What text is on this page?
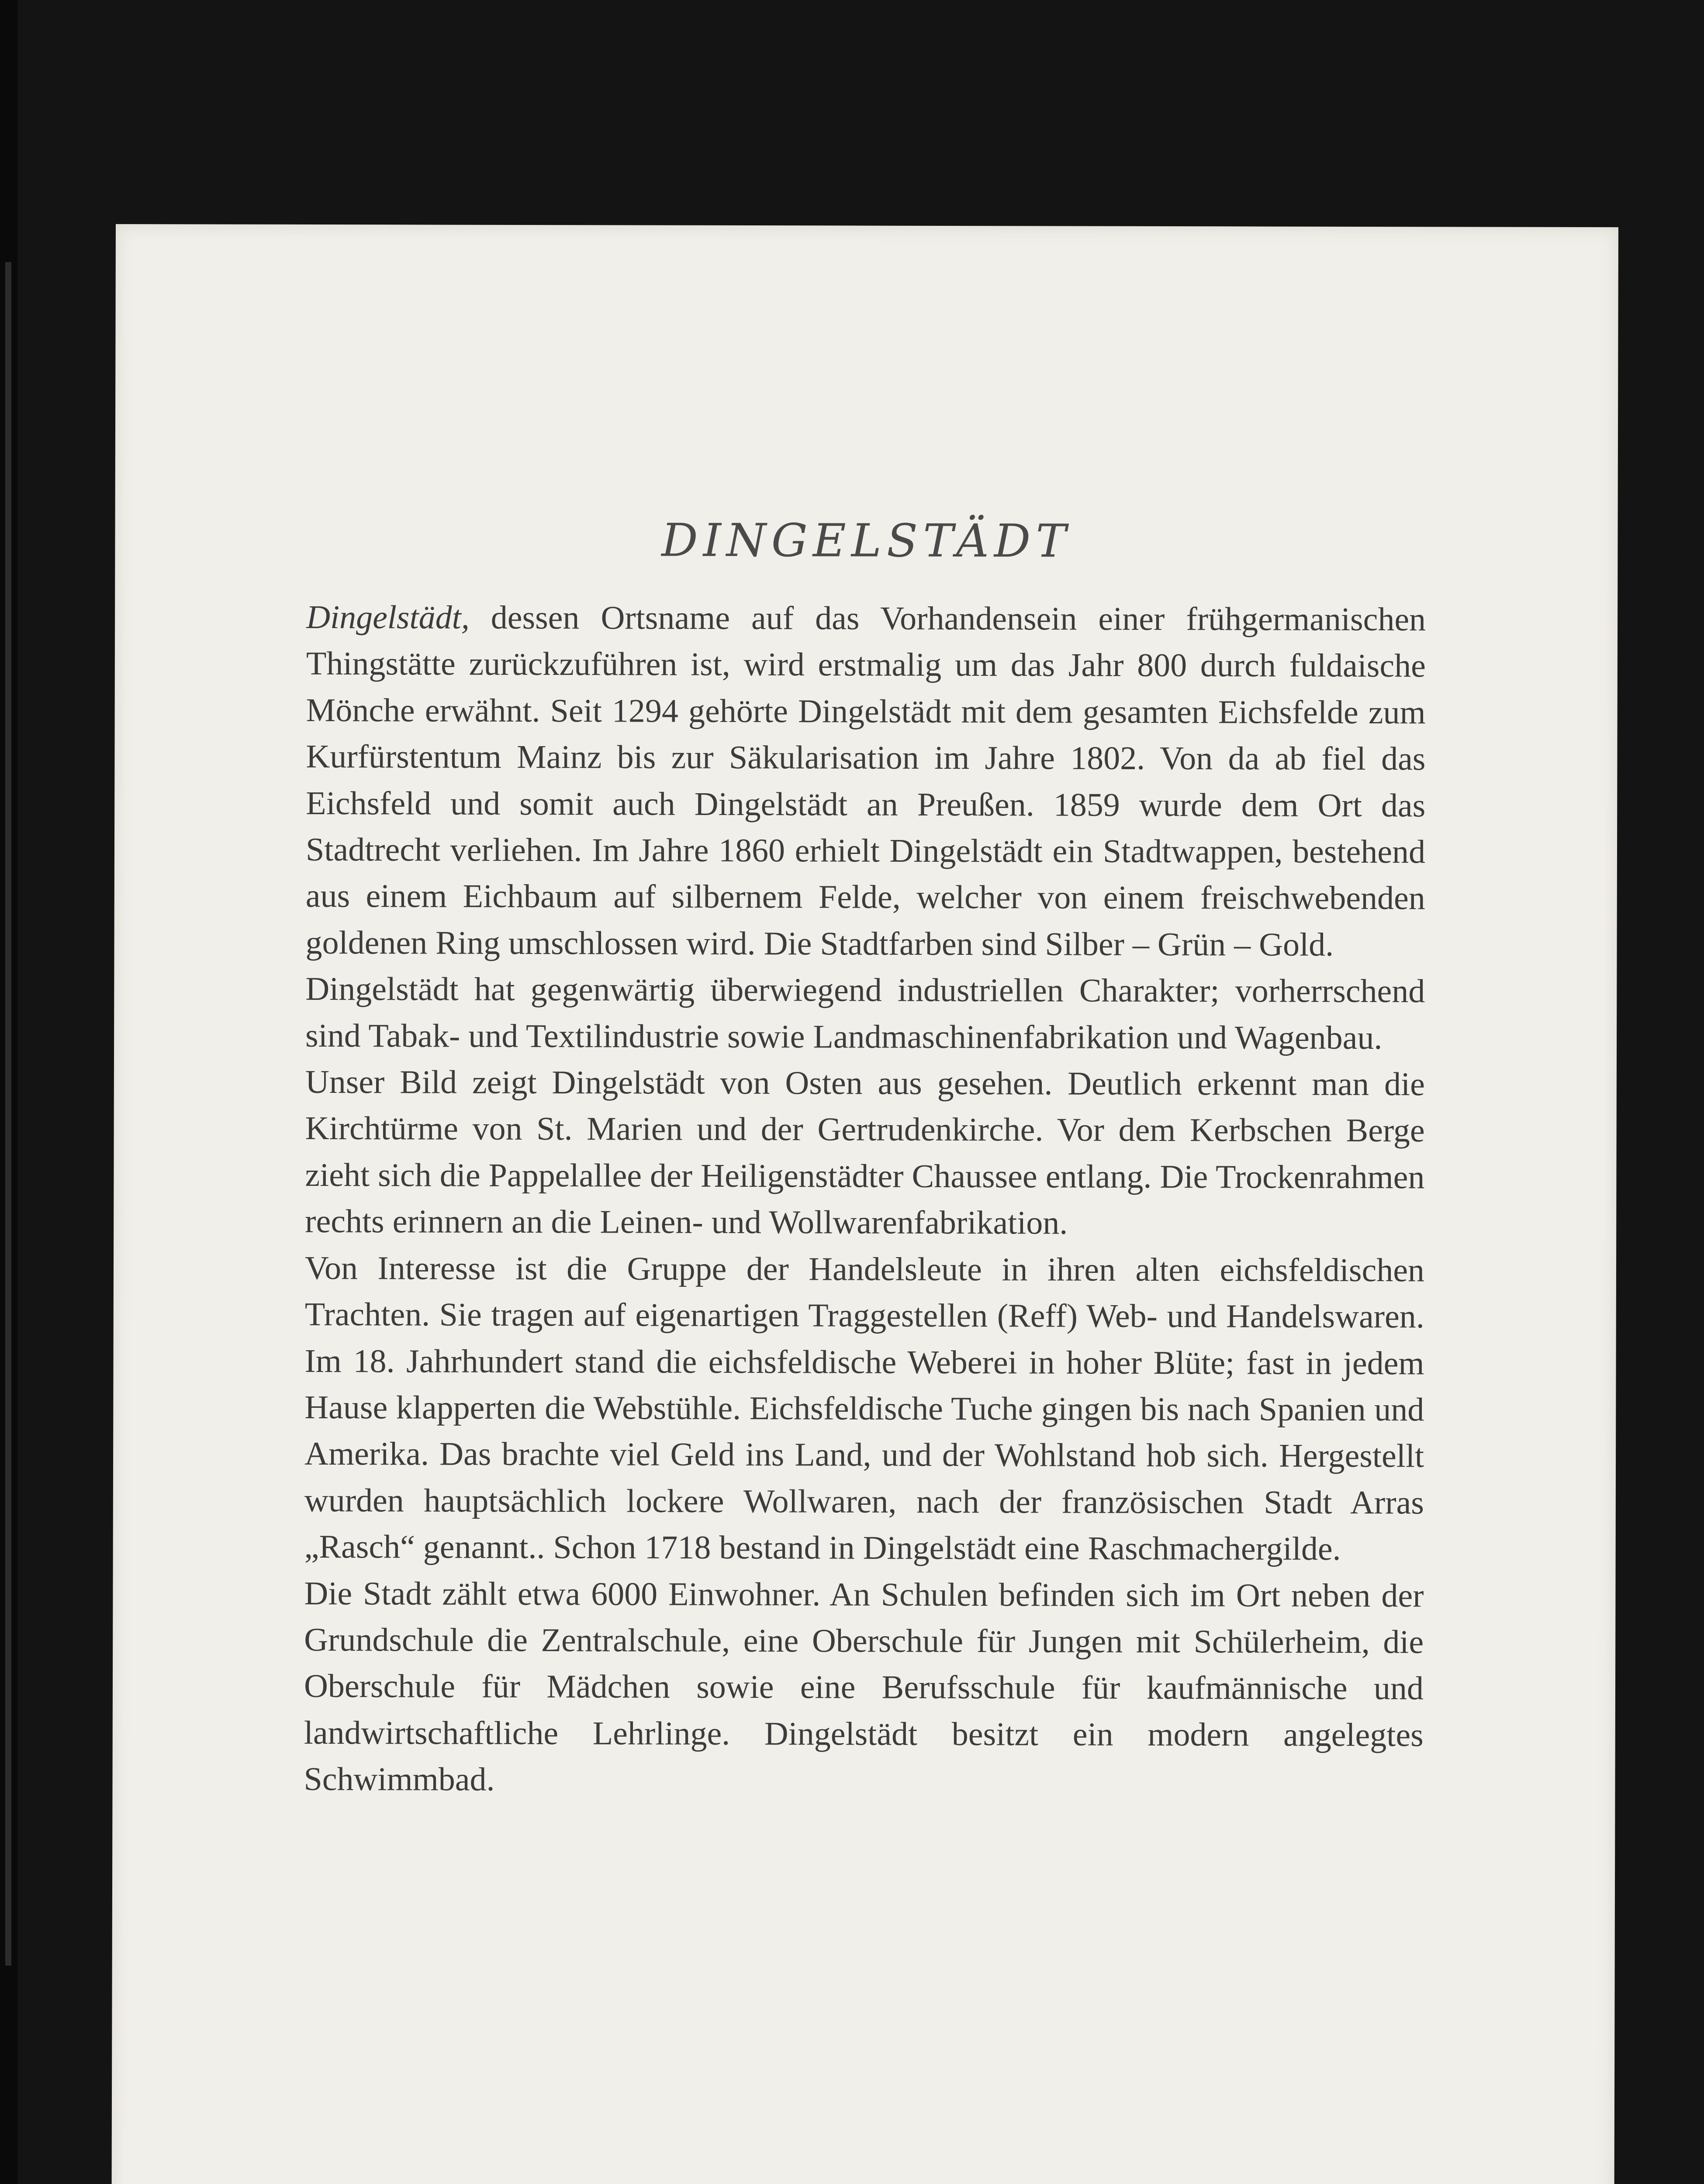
DINGELSTÄDT

Dingelstädt, dessen Ortsname auf das Vorhandensein einer frühgermanischen Thingstätte zurückzuführen ist, wird erstmalig um das Jahr 800 durch fuldaische Mönche erwähnt. Seit 1294 gehörte Dingelstädt mit dem gesamten Eichsfelde zum Kurfürstentum Mainz bis zur Säkularisation im Jahre 1802. Von da ab fiel das Eichsfeld und somit auch Dingelstädt an Preußen. 1859 wurde dem Ort das Stadtrecht verliehen. Im Jahre 1860 erhielt Dingelstädt ein Stadtwappen, bestehend aus einem Eichbaum auf silbernem Felde, welcher von einem freischwebenden goldenen Ring umschlossen wird. Die Stadtfarben sind Silber – Grün – Gold.

Dingelstädt hat gegenwärtig überwiegend industriellen Charakter; vorherrschend sind Tabak- und Textilindustrie sowie Landmaschinenfabrikation und Wagenbau.

Unser Bild zeigt Dingelstädt von Osten aus gesehen. Deutlich erkennt man die Kirchtürme von St. Marien und der Gertrudenkirche. Vor dem Kerbschen Berge zieht sich die Pappelallee der Heiligenstädter Chaussee entlang. Die Trockenrahmen rechts erinnern an die Leinen- und Wollwarenfabrikation.

Von Interesse ist die Gruppe der Handelsleute in ihren alten eichsfeldischen Trachten. Sie tragen auf eigenartigen Traggestellen (Reff) Web- und Handelswaren. Im 18. Jahrhundert stand die eichsfeldische Weberei in hoher Blüte; fast in jedem Hause klapperten die Webstühle. Eichsfeldische Tuche gingen bis nach Spanien und Amerika. Das brachte viel Geld ins Land, und der Wohlstand hob sich. Hergestellt wurden hauptsächlich lockere Wollwaren, nach der französischen Stadt Arras „Rasch“ genannt.. Schon 1718 bestand in Dingelstädt eine Raschmachergilde.

Die Stadt zählt etwa 6000 Einwohner. An Schulen befinden sich im Ort neben der Grundschule die Zentralschule, eine Oberschule für Jungen mit Schülerheim, die Oberschule für Mädchen sowie eine Berufsschule für kaufmännische und landwirtschaftliche Lehrlinge. Dingelstädt besitzt ein modern angelegtes Schwimmbad.
